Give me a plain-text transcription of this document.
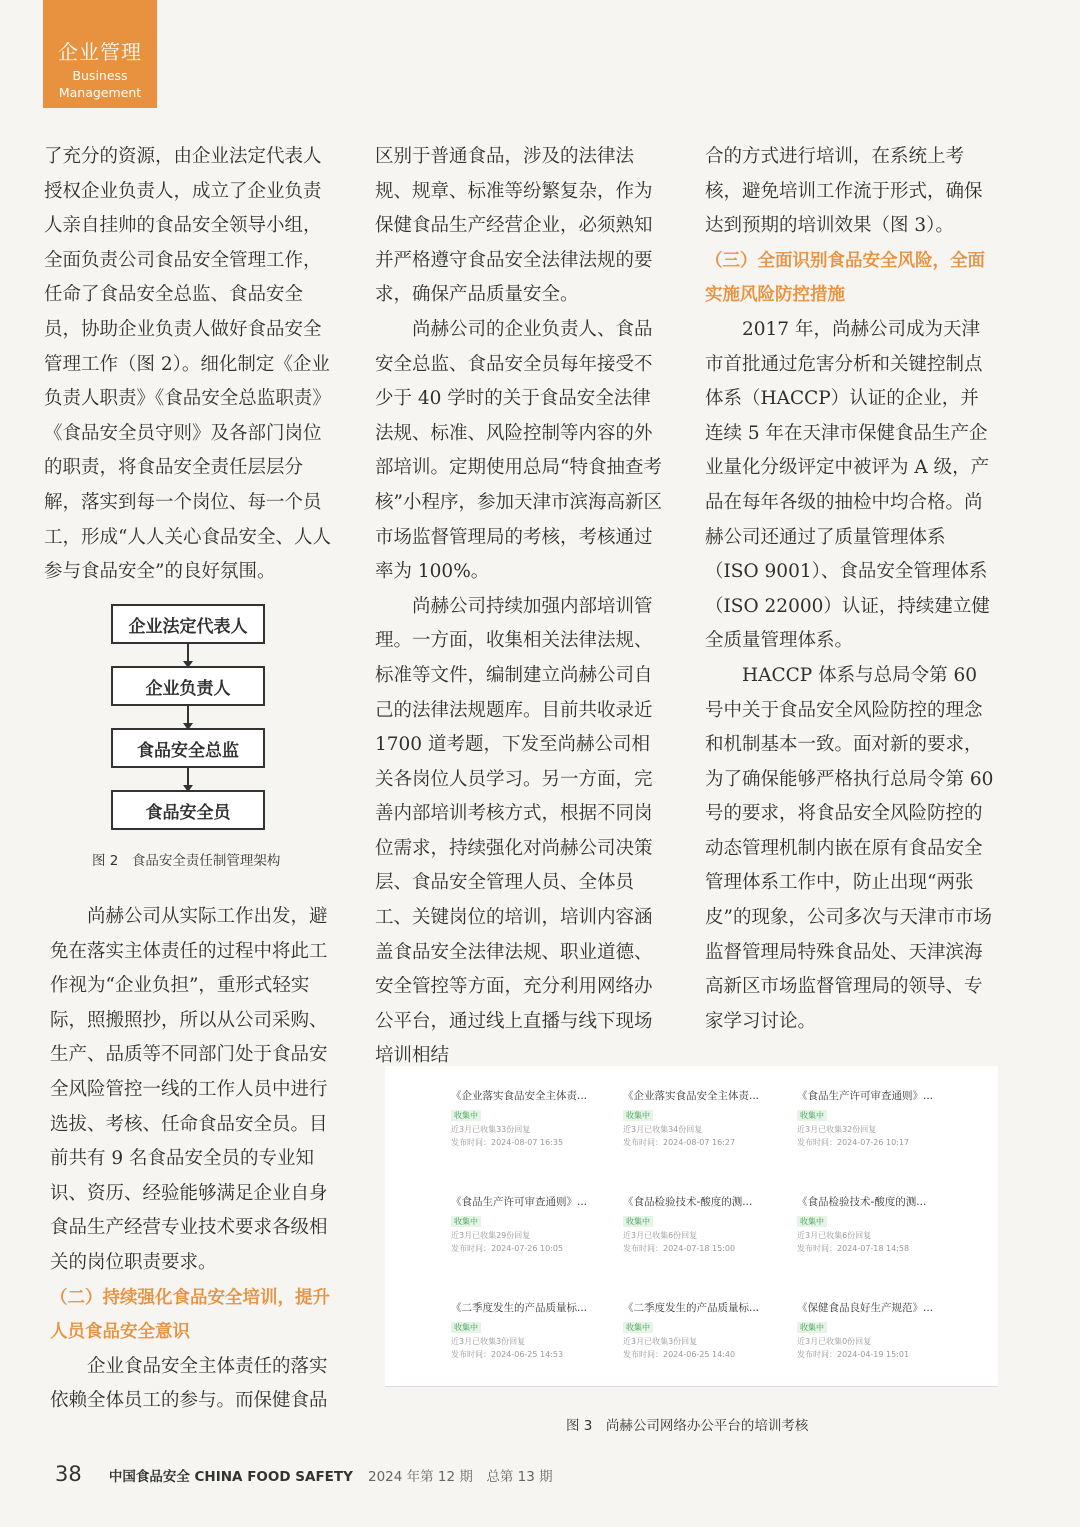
企业管理
Business
Management

了充分的资源，由企业法定代表人授权企业负责人，成立了企业负责人亲自挂帅的食品安全领导小组，全面负责公司食品安全管理工作，任命了食品安全总监、食品安全员，协助企业负责人做好食品安全管理工作（图 2）。细化制定《企业负责人职责》《食品安全总监职责》《食品安全员守则》及各部门岗位的职责，将食品安全责任层层分解，落实到每一个岗位、每一个员工，形成“人人关心食品安全、人人参与食品安全”的良好氛围。

企业法定代表人
企业负责人
食品安全总监
食品安全员
图 2　食品安全责任制管理架构

尚赫公司从实际工作出发，避免在落实主体责任的过程中将此工作视为“企业负担”，重形式轻实际，照搬照抄，所以从公司采购、生产、品质等不同部门处于食品安全风险管控一线的工作人员中进行选拔、考核、任命食品安全员。目前共有 9 名食品安全员的专业知识、资历、经验能够满足企业自身食品生产经营专业技术要求各级相关的岗位职责要求。

（二）持续强化食品安全培训，提升人员食品安全意识

企业食品安全主体责任的落实依赖全体员工的参与。而保健食品

区别于普通食品，涉及的法律法规、规章、标准等纷繁复杂，作为保健食品生产经营企业，必须熟知并严格遵守食品安全法律法规的要求，确保产品质量安全。

尚赫公司的企业负责人、食品安全总监、食品安全员每年接受不少于 40 学时的关于食品安全法律法规、标准、风险控制等内容的外部培训。定期使用总局“特食抽查考核”小程序，参加天津市滨海高新区市场监督管理局的考核，考核通过率为 100%。

尚赫公司持续加强内部培训管理。一方面，收集相关法律法规、标准等文件，编制建立尚赫公司自己的法律法规题库。目前共收录近 1700 道考题，下发至尚赫公司相关各岗位人员学习。另一方面，完善内部培训考核方式，根据不同岗位需求，持续强化对尚赫公司决策层、食品安全管理人员、全体员工、关键岗位的培训，培训内容涵盖食品安全法律法规、职业道德、安全管控等方面，充分利用网络办公平台，通过线上直播与线下现场培训相结

合的方式进行培训，在系统上考核，避免培训工作流于形式，确保达到预期的培训效果（图 3）。

（三）全面识别食品安全风险，全面实施风险防控措施

2017 年，尚赫公司成为天津市首批通过危害分析和关键控制点体系（HACCP）认证的企业，并连续 5 年在天津市保健食品生产企业量化分级评定中被评为 A 级，产品在每年各级的抽检中均合格。尚赫公司还通过了质量管理体系（ISO 9001）、食品安全管理体系（ISO 22000）认证，持续建立健全质量管理体系。

HACCP 体系与总局令第 60 号中关于食品安全风险防控的理念和机制基本一致。面对新的要求，为了确保能够严格执行总局令第 60 号的要求，将食品安全风险防控的动态管理机制内嵌在原有食品安全管理体系工作中，防止出现“两张皮”的现象，公司多次与天津市市场监督管理局特殊食品处、天津滨海高新区市场监督管理局的领导、专家学习讨论。

《企业落实食品安全主体责...
收集中
近3月已收集33份回复
发布时间：2024-08-07 16:35
《企业落实食品安全主体责...
收集中
近3月已收集34份回复
发布时间：2024-08-07 16:27
《食品生产许可审查通则》...
收集中
近3月已收集32份回复
发布时间：2024-07-26 10:17
《食品生产许可审查通则》...
收集中
近3月已收集29份回复
发布时间：2024-07-26 10:05
《食品检验技术-酸度的测...
收集中
近3月已收集6份回复
发布时间：2024-07-18 15:00
《食品检验技术-酸度的测...
收集中
近3月已收集6份回复
发布时间：2024-07-18 14:58
《二季度发生的产品质量标...
收集中
近3月已收集3份回复
发布时间：2024-06-25 14:53
《二季度发生的产品质量标...
收集中
近3月已收集3份回复
发布时间：2024-06-25 14:40
《保健食品良好生产规范》...
收集中
近3月已收集0份回复
发布时间：2024-04-19 15:01
图 3　尚赫公司网络办公平台的培训考核
38 中国食品安全 CHINA FOOD SAFETY 2024 年第 12 期　总第 13 期
